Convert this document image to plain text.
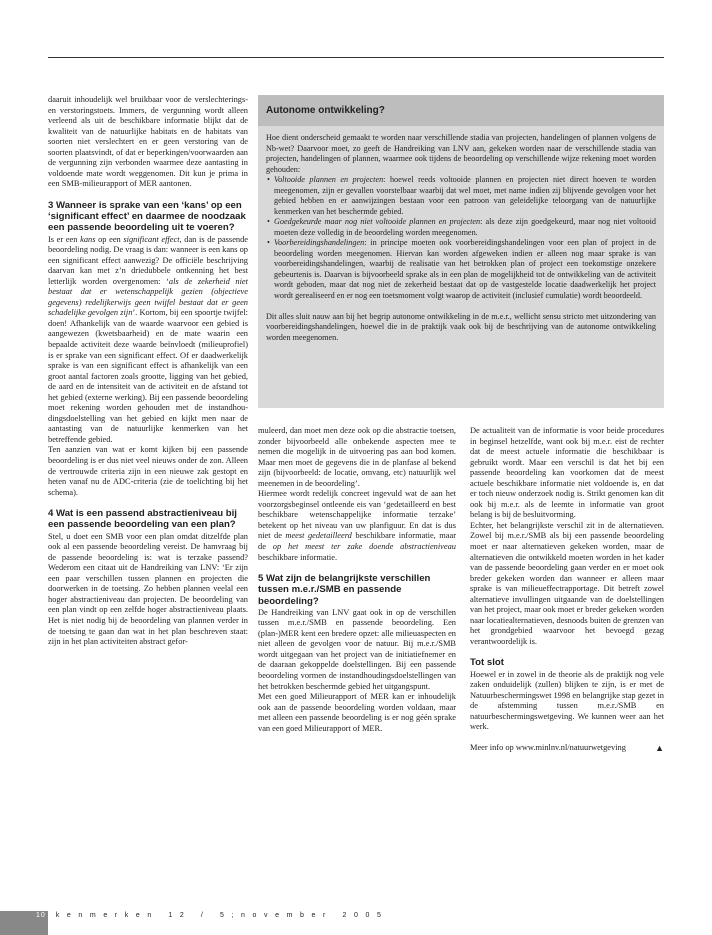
daaruit inhoudelijk wel bruikbaar voor de verslechterings- en verstoringstoets. Immers, de vergunning wordt alleen verleend als uit de beschikbare informatie blijkt dat de kwaliteit van de natuurlijke habitats en de habitats van soorten niet verslechtert en er geen verstoring van de soorten plaatsvindt, of dat er beperkingen/voorwaarden aan de vergunning zijn verbonden waarmee deze aantasting in voldoende mate wordt weggenomen. Dit kun je prima in een SMB-milieurapport of MER aantonen.

3 Wanneer is sprake van een ‘kans’ op een ‘significant effect’ en daarmee de noodzaak een passende beoordeling uit te voeren?

Is er een kans op een significant effect, dan is de passende beoordeling nodig. De vraag is dan: wanneer is een kans op een significant effect aanwezig? De officiële beschrijving daarvan kan met z’n driedubbele ontkenning het best letterlijk worden overgenomen: ‘als de zekerheid niet bestaat dat er wetenschappelijk gezien (objectieve gegevens) redelijkerwijs geen twijfel bestaat dat er geen schadelijke gevolgen zijn’. Kortom, bij een spoortje twijfel: doen! Afhankelijk van de waarde waarvoor een gebied is aangewezen (kwetsbaarheid) en de mate waarin een bepaalde activiteit deze waarde beïnvloedt (milieuprofiel) is er sprake van een significant effect. Of er daadwerkelijk sprake is van een significant effect is afhankelijk van een groot aantal factoren zoals grootte, ligging van het gebied, de aard en de intensiteit van de activiteit en de afstand tot het gebied (externe werking). Bij een passende beoordeling moet rekening worden gehouden met de instandhou- dingsdoelstelling van het gebied en kijkt men naar de aantasting van de natuurlijke kenmerken van het betreffende gebied.

Ten aanzien van wat er komt kijken bij een passende beoordeling is er dus niet veel nieuws onder de zon. Alleen de vertrouwde criteria zijn in een nieuwe zak gestopt en heten vanaf nu de ADC-criteria (zie de toelichting bij het schema).

4 Wat is een passend abstractieniveau bij een passende beoordeling van een plan?

Stel, u doet een SMB voor een plan omdat ditzelfde plan ook al een passende beoordeling vereist. De hamvraag bij de passende beoordeling is: wat is terzake passend? Wederom een citaat uit de Handreiking van LNV: ‘Er zijn een paar verschillen tussen plannen en projecten die doorwerken in de toetsing. Zo hebben plannen veelal een hoger abstractieniveau dan projecten. De beoordeling van een plan vindt op een zelfde hoger abstractieniveau plaats. Het is niet nodig bij de beoordeling van plannen verder in de toetsing te gaan dan wat in het plan beschreven staat: zijn in het plan activiteiten abstract gefor-

Autonome ontwikkeling?

Hoe dient onderscheid gemaakt te worden naar verschillende stadia van projecten, handelingen of plannen volgens de Nb-wet? Daarvoor moet, zo geeft de Handreiking van LNV aan, gekeken worden naar de verschillende stadia van projecten, handelingen of plannen, waarmee ook tijdens de beoordeling op verschillende wijze rekening moet worden gehouden:

• Voltooide plannen en projecten: hoewel reeds voltooide plannen en projecten niet direct hoeven te worden meegenomen, zijn er gevallen voorstelbaar waarbij dat wel moet, met name indien zij blijvende gevolgen voor het gebied hebben en er aanwijzingen bestaan voor een patroon van geleidelijke teloorgang van de natuurlijke kenmerken van het beschermde gebied.
• Goedgekeurde maar nog niet voltooide plannen en projecten: als deze zijn goedgekeurd, maar nog niet voltooid moeten deze volledig in de beoordeling worden meegenomen.
• Voorbereidingshandelingen: in principe moeten ook voorbereidingshandelingen voor een plan of project in de beoordeling worden meegenomen. Hiervan kan worden afgeweken indien er alleen nog maar sprake is van voorbereidingshandelingen, waarbij de realisatie van het betrokken plan of project een toekomstige onzekere gebeurtenis is. Daarvan is bijvoorbeeld sprake als in een plan de mogelijkheid tot de ontwikkeling van de activiteit wordt geboden, maar dat nog niet de zekerheid bestaat dat op de vastgestelde locatie daadwerkelijk het project wordt gerealiseerd en er nog een toetsmoment volgt waarop de activiteit (inclusief cumulatie) wordt beoordeeld.

Dit alles sluit nauw aan bij het begrip autonome ontwikkeling in de m.e.r., wellicht sensu stricto met uitzondering van voorbereidingshandelingen, hoewel die in de praktijk vaak ook bij de beschrijving van de autonome ontwikkeling worden meegenomen.

muleerd, dan moet men deze ook op die abstractie toetsen, zonder bijvoorbeeld alle onbekende aspecten mee te nemen die mogelijk in de uitvoering pas aan bod komen. Maar men moet de gegevens die in de planfase al bekend zijn (bijvoorbeeld: de locatie, omvang, etc) natuurlijk wel meenemen in de beoordeling’.

Hiermee wordt redelijk concreet ingevuld wat de aan het voorzorgsbeginsel ontleende eis van ‘gedetailleerd en best beschikbare wetenschappelijke informatie terzake’ betekent op het niveau van uw planfiguur. En dat is dus niet de meest gedetailleerd beschikbare informatie, maar de op het meest ter zake doende abstractieniveau beschikbare informatie.

5 Wat zijn de belangrijkste verschillen tussen m.e.r./SMB en passende beoordeling?

De Handreiking van LNV gaat ook in op de verschillen tussen m.e.r./SMB en passende beoordeling. Een (plan-)MER kent een bredere opzet: alle milieuaspecten en niet alleen de gevolgen voor de natuur. Bij m.e.r./SMB wordt uitgegaan van het project van de initiatiefnemer en de daaraan gekoppelde doelstellingen. Bij een passende beoordeling vormen de instandhoudingsdoelstellingen van het betrokken beschermde gebied het uitgangspunt.

Met een goed Milieurapport of MER kan er inhoudelijk ook aan de passende beoordeling worden voldaan, maar met alleen een passende beoordeling is er nog géén sprake van een goed Milieurapport of MER.

De actualiteit van de informatie is voor beide procedures in beginsel hetzelfde, want ook bij m.e.r. eist de rechter dat de meest actuele informatie die beschikbaar is gebruikt wordt. Maar een verschil is dat het bij een passende beoordeling kan voorkomen dat de meest actuele beschikbare informatie niet voldoende is, en dat er toch nieuw onderzoek nodig is. Strikt genomen kan dit ook bij m.e.r. als de leemte in informatie van groot belang is bij de besluitvorming.

Echter, het belangrijkste verschil zit in de alternatieven. Zowel bij m.e.r./SMB als bij een passende beoordeling moet er naar alternatieven gekeken worden, maar de alternatieven die ontwikkeld moeten worden in het kader van de passende beoordeling gaan verder en er moet ook breder gekeken worden dan wanneer er alleen maar sprake is van milieueffectrapportage. Dit betreft zowel alternatieve invullingen uitgaande van de doelstellingen van het project, maar ook moet er breder gekeken worden naar locatiealternatieven, desnoods buiten de grenzen van het grondgebied waarvoor het bevoegd gezag verantwoordelijk is.

Tot slot

Hoewel er in zowel in de theorie als de praktijk nog vele zaken onduidelijk (zullen) blijken te zijn, is er met de Natuurbeschermingswet 1998 en belangrijke stap gezet in de afstemming tussen m.e.r./SMB en natuurbeschermingswetgeving. We kunnen weer aan het werk.

Meer info op www.minlnv.nl/natuurwetgeving	▲

10 kenmerken 12 / 5;november 2005
